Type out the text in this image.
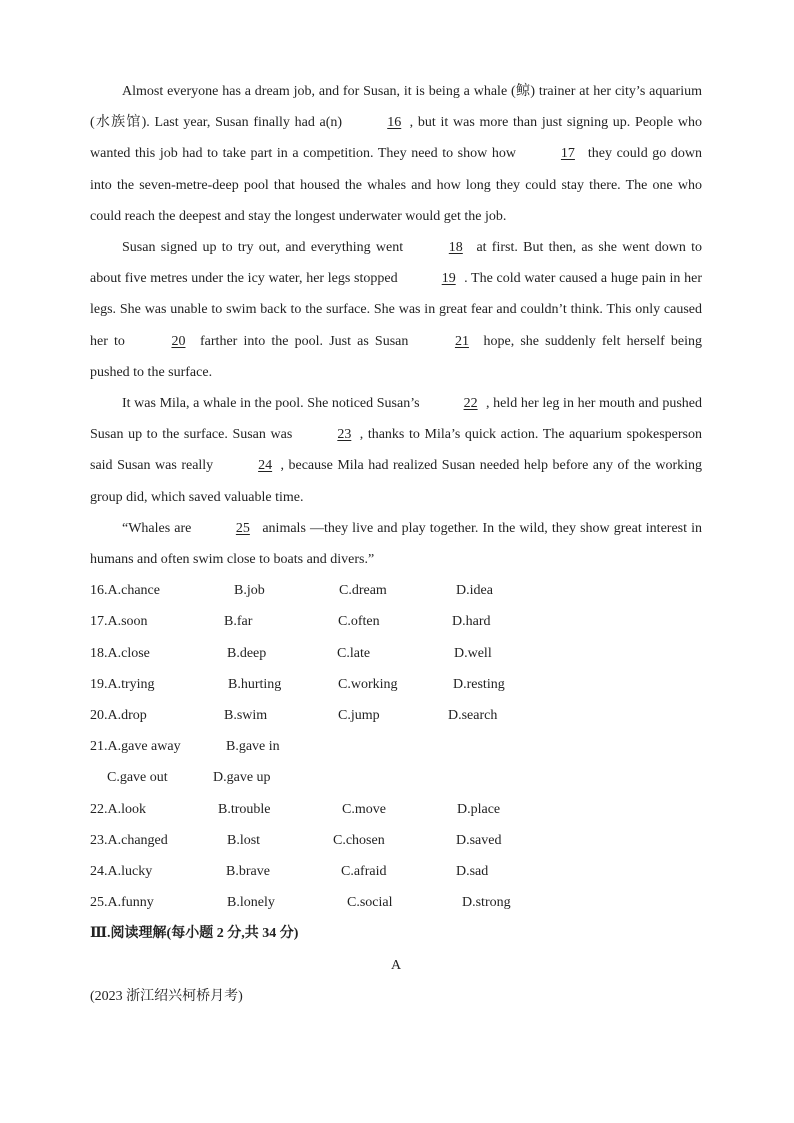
Almost everyone has a dream job, and for Susan, it is being a whale (鲸) trainer at her city’s aquarium (水族馆). Last year, Susan finally had a(n)	16 , but it was more than just signing up. People who wanted this job had to take part in a competition. They need to show how	17 they could go down into the seven-metre-deep pool that housed the whales and how long they could stay there. The one who could reach the deepest and stay the longest underwater would get the job.

Susan signed up to try out, and everything went	18 at first. But then, as she went down to about five metres under the icy water, her legs stopped	19 . The cold water caused a huge pain in her legs. She was unable to swim back to the surface. She was in great fear and couldn’t think. This only caused her to	20 farther into the pool. Just as Susan	21 hope, she suddenly felt herself being pushed to the surface.

It was Mila, a whale in the pool. She noticed Susan’s	22 , held her leg in her mouth and pushed Susan up to the surface. Susan was	23 , thanks to Mila’s quick action. The aquarium spokesperson said Susan was really	24 , because Mila had realized Susan needed help before any of the working group did, which saved valuable time.

“Whales are	25 animals —they live and play together. In the wild, they show great interest in humans and often swim close to boats and divers.”

16.A.chance	B.job	C.dream	D.idea
17.A.soon	B.far	C.often	D.hard
18.A.close	B.deep	C.late	D.well
19.A.trying	B.hurting	C.working	D.resting
20.A.drop	B.swim	C.jump	D.search
21.A.gave away	B.gave in
C.gave out	D.gave up
22.A.look	B.trouble	C.move	D.place
23.A.changed	B.lost	C.chosen	D.saved
24.A.lucky	B.brave	C.afraid	D.sad
25.A.funny	B.lonely	C.social	D.strong
Ⅲ.阅读理解(每小题 2 分,共 34 分)
A
(2023 浙江绍兴柯桥月考)
